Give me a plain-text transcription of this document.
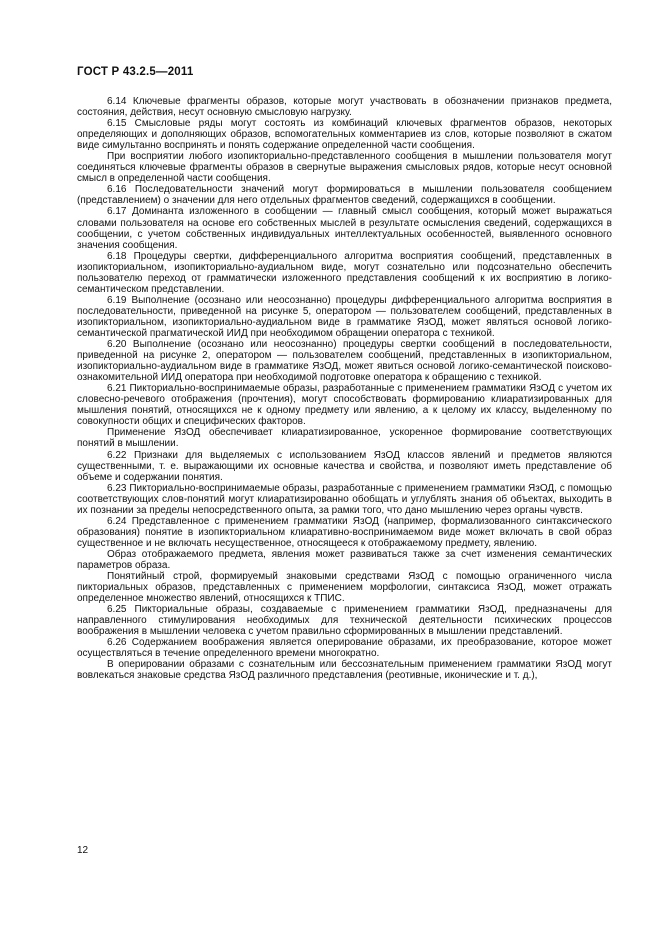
ГОСТ Р 43.2.5—2011

6.14 Ключевые фрагменты образов, которые могут участвовать в обозначении признаков предмета, состояния, действия, несут основную смысловую нагрузку.

6.15 Смысловые ряды могут состоять из комбинаций ключевых фрагментов образов, некоторых определяющих и дополняющих образов, вспомогательных комментариев из слов, которые позволяют в сжатом виде симультанно воспринять и понять содержание определенной части сообщения.

При восприятии любого изопикториально-представленного сообщения в мышлении пользователя могут соединяться ключевые фрагменты образов в свернутые выражения смысловых рядов, которые несут основной смысл в определенной части сообщения.

6.16 Последовательности значений могут формироваться в мышлении пользователя сообщением (представлением) о значении для него отдельных фрагментов сведений, содержащихся в сообщении.

6.17 Доминанта изложенного в сообщении — главный смысл сообщения, который может выражаться словами пользователя на основе его собственных мыслей в результате осмысления сведений, содержащихся в сообщении, с учетом собственных индивидуальных интеллектуальных особенностей, выявленного основного значения сообщения.

6.18 Процедуры свертки, дифференциального алгоритма восприятия сообщений, представленных в изопикториальном, изопикториально-аудиальном виде, могут сознательно или подсознательно обеспечить пользователю переход от грамматически изложенного представления сообщений к их восприятию в логико-семантическом представлении.

6.19 Выполнение (осознано или неосознанно) процедуры дифференциального алгоритма восприятия в последовательности, приведенной на рисунке 5, оператором — пользователем сообщений, представленных в изопикториальном, изопикториально-аудиальном виде в грамматике ЯзОД, может являться основой логико-семантической прагматической ИИД при необходимом обращении оператора с техникой.

6.20 Выполнение (осознано или неосознанно) процедуры свертки сообщений в последовательности, приведенной на рисунке 2, оператором — пользователем сообщений, представленных в изопикториальном, изопикториально-аудиальном виде в грамматике ЯзОД, может явиться основой логико-семантической поисково-ознакомительной ИИД оператора при необходимой подготовке оператора к обращению с техникой.

6.21 Пикториально-воспринимаемые образы, разработанные с применением грамматики ЯзОД с учетом их словесно-речевого отображения (прочтения), могут способствовать формированию клиаратизированных для мышления понятий, относящихся не к одному предмету или явлению, а к целому их классу, выделенному по совокупности общих и специфических факторов.

Применение ЯзОД обеспечивает клиаратизированное, ускоренное формирование соответствующих понятий в мышлении.

6.22 Признаки для выделяемых с использованием ЯзОД классов явлений и предметов являются существенными, т. е. выражающими их основные качества и свойства, и позволяют иметь представление об объеме и содержании понятия.

6.23 Пикториально-воспринимаемые образы, разработанные с применением грамматики ЯзОД, с помощью соответствующих слов-понятий могут клиаратизированно обобщать и углублять знания об объектах, выходить в их познании за пределы непосредственного опыта, за рамки того, что дано мышлению через органы чувств.

6.24 Представленное с применением грамматики ЯзОД (например, формализованного синтаксического образования) понятие в изопикториальном клиаративно-воспринимаемом виде может включать в свой образ существенное и не включать несущественное, относящееся к отображаемому предмету, явлению.

Образ отображаемого предмета, явления может развиваться также за счет изменения семантических параметров образа.

Понятийный строй, формируемый знаковыми средствами ЯзОД с помощью ограниченного числа пикториальных образов, представленных с применением морфологии, синтаксиса ЯзОД, может отражать определенное множество явлений, относящихся к ТПИС.

6.25 Пикториальные образы, создаваемые с применением грамматики ЯзОД, предназначены для направленного стимулирования необходимых для технической деятельности психических процессов воображения в мышлении человека с учетом правильно сформированных в мышлении представлений.

6.26 Содержанием воображения является оперирование образами, их преобразование, которое может осуществляться в течение определенного времени многократно.

В оперировании образами с сознательным или бессознательным применением грамматики ЯзОД могут вовлекаться знаковые средства ЯзОД различного представления (реотивные, иконические и т. д.),

12
